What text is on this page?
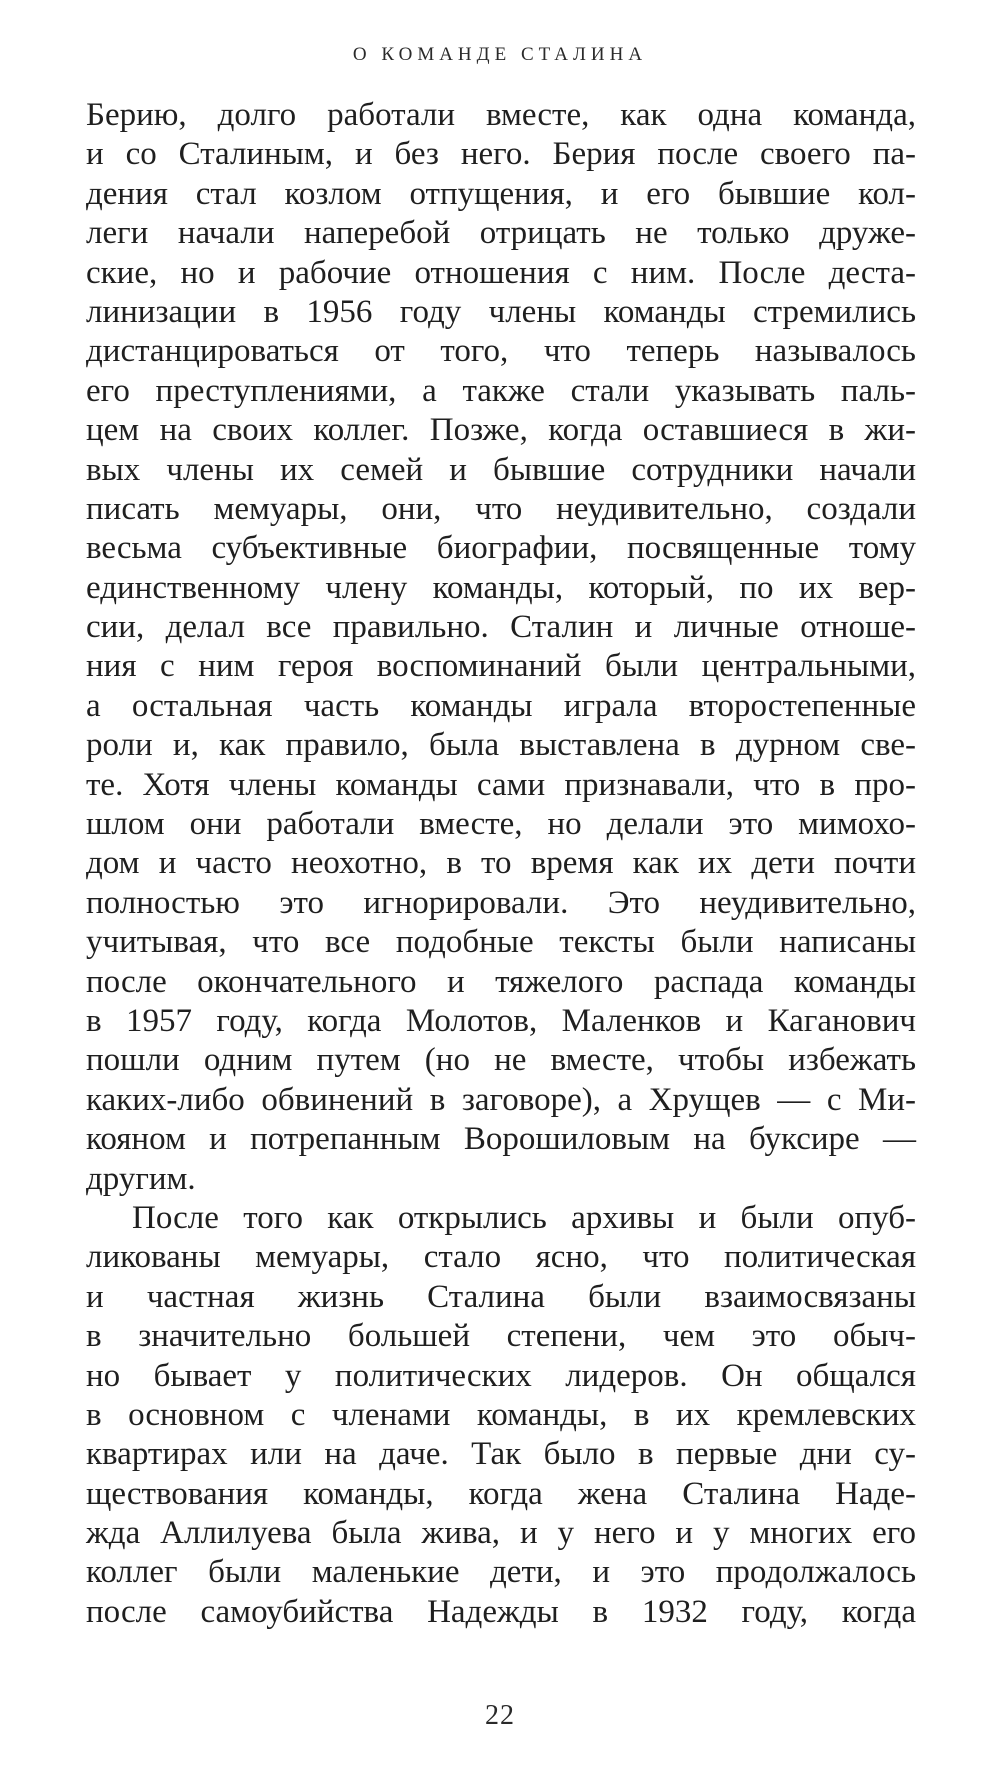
О КОМАНДЕ СТАЛИНА
Берию, долго работали вместе, как одна команда,
и со Сталиным, и без него. Берия после своего па-
дения стал козлом отпущения, и его бывшие кол-
леги начали наперебой отрицать не только друже-
ские, но и рабочие отношения с ним. После деста-
линизации в 1956 году члены команды стремились
дистанцироваться от того, что теперь называлось
его преступлениями, а также стали указывать паль-
цем на своих коллег. Позже, когда оставшиеся в жи-
вых члены их семей и бывшие сотрудники начали
писать мемуары, они, что неудивительно, создали
весьма субъективные биографии, посвященные тому
единственному члену команды, который, по их вер-
сии, делал все правильно. Сталин и личные отноше-
ния с ним героя воспоминаний были центральными,
а остальная часть команды играла второстепенные
роли и, как правило, была выставлена в дурном све-
те. Хотя члены команды сами признавали, что в про-
шлом они работали вместе, но делали это мимохо-
дом и часто неохотно, в то время как их дети почти
полностью это игнорировали. Это неудивительно,
учитывая, что все подобные тексты были написаны
после окончательного и тяжелого распада команды
в 1957 году, когда Молотов, Маленков и Каганович
пошли одним путем (но не вместе, чтобы избежать
каких-либо обвинений в заговоре), а Хрущев — с Ми-
кояном и потрепанным Ворошиловым на буксире —
другим.
После того как открылись архивы и были опуб-
ликованы мемуары, стало ясно, что политическая
и частная жизнь Сталина были взаимосвязаны
в значительно большей степени, чем это обыч-
но бывает у политических лидеров. Он общался
в основном с членами команды, в их кремлевских
квартирах или на даче. Так было в первые дни су-
ществования команды, когда жена Сталина Наде-
жда Аллилуева была жива, и у него и у многих его
коллег были маленькие дети, и это продолжалось
после самоубийства Надежды в 1932 году, когда
22
